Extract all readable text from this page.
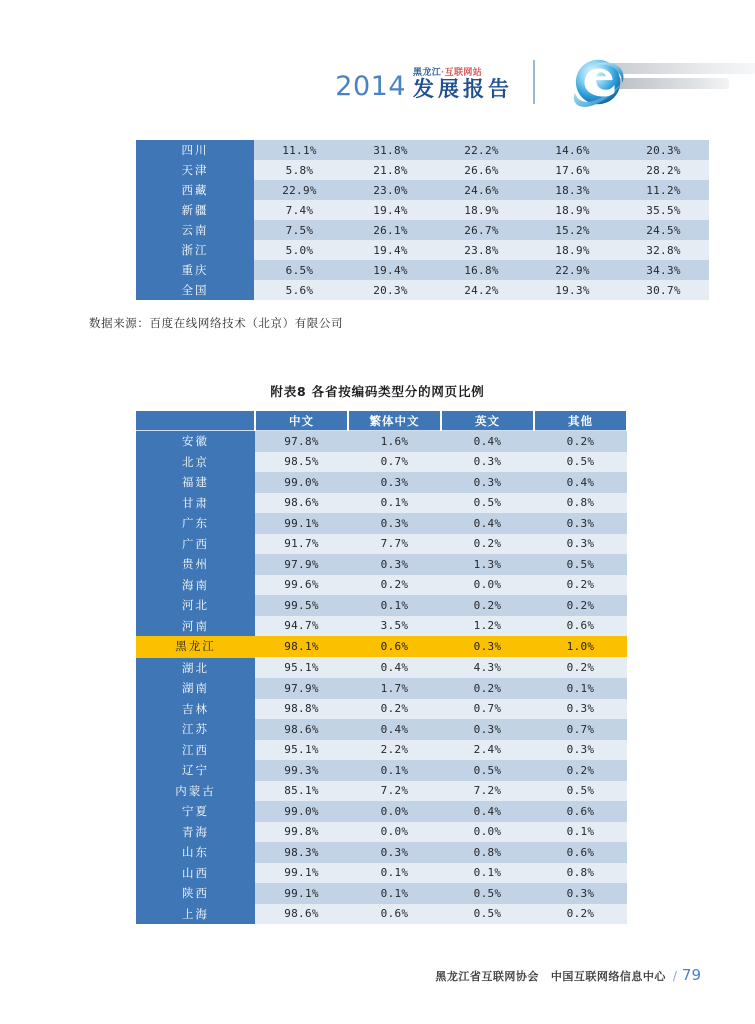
2014 黑龙江·互联网站
发展报告
四川	11.1%	31.8%	22.2%	14.6%	20.3%
天津	5.8%	21.8%	26.6%	17.6%	28.2%
西藏	22.9%	23.0%	24.6%	18.3%	11.2%
新疆	7.4%	19.4%	18.9%	18.9%	35.5%
云南	7.5%	26.1%	26.7%	15.2%	24.5%
浙江	5.0%	19.4%	23.8%	18.9%	32.8%
重庆	6.5%	19.4%	16.8%	22.9%	34.3%
全国	5.6%	20.3%	24.2%	19.3%	30.7%
数据来源：百度在线网络技术（北京）有限公司
附表8 各省按编码类型分的网页比例
	中文	繁体中文	英文	其他
安徽	97.8%	1.6%	0.4%	0.2%
北京	98.5%	0.7%	0.3%	0.5%
福建	99.0%	0.3%	0.3%	0.4%
甘肃	98.6%	0.1%	0.5%	0.8%
广东	99.1%	0.3%	0.4%	0.3%
广西	91.7%	7.7%	0.2%	0.3%
贵州	97.9%	0.3%	1.3%	0.5%
海南	99.6%	0.2%	0.0%	0.2%
河北	99.5%	0.1%	0.2%	0.2%
河南	94.7%	3.5%	1.2%	0.6%
黑龙江	98.1%	0.6%	0.3%	1.0%
湖北	95.1%	0.4%	4.3%	0.2%
湖南	97.9%	1.7%	0.2%	0.1%
吉林	98.8%	0.2%	0.7%	0.3%
江苏	98.6%	0.4%	0.3%	0.7%
江西	95.1%	2.2%	2.4%	0.3%
辽宁	99.3%	0.1%	0.5%	0.2%
内蒙古	85.1%	7.2%	7.2%	0.5%
宁夏	99.0%	0.0%	0.4%	0.6%
青海	99.8%	0.0%	0.0%	0.1%
山东	98.3%	0.3%	0.8%	0.6%
山西	99.1%	0.1%	0.1%	0.8%
陕西	99.1%	0.1%	0.5%	0.3%
上海	98.6%	0.6%	0.5%	0.2%
黑龙江省互联网协会 中国互联网络信息中心 / 79
